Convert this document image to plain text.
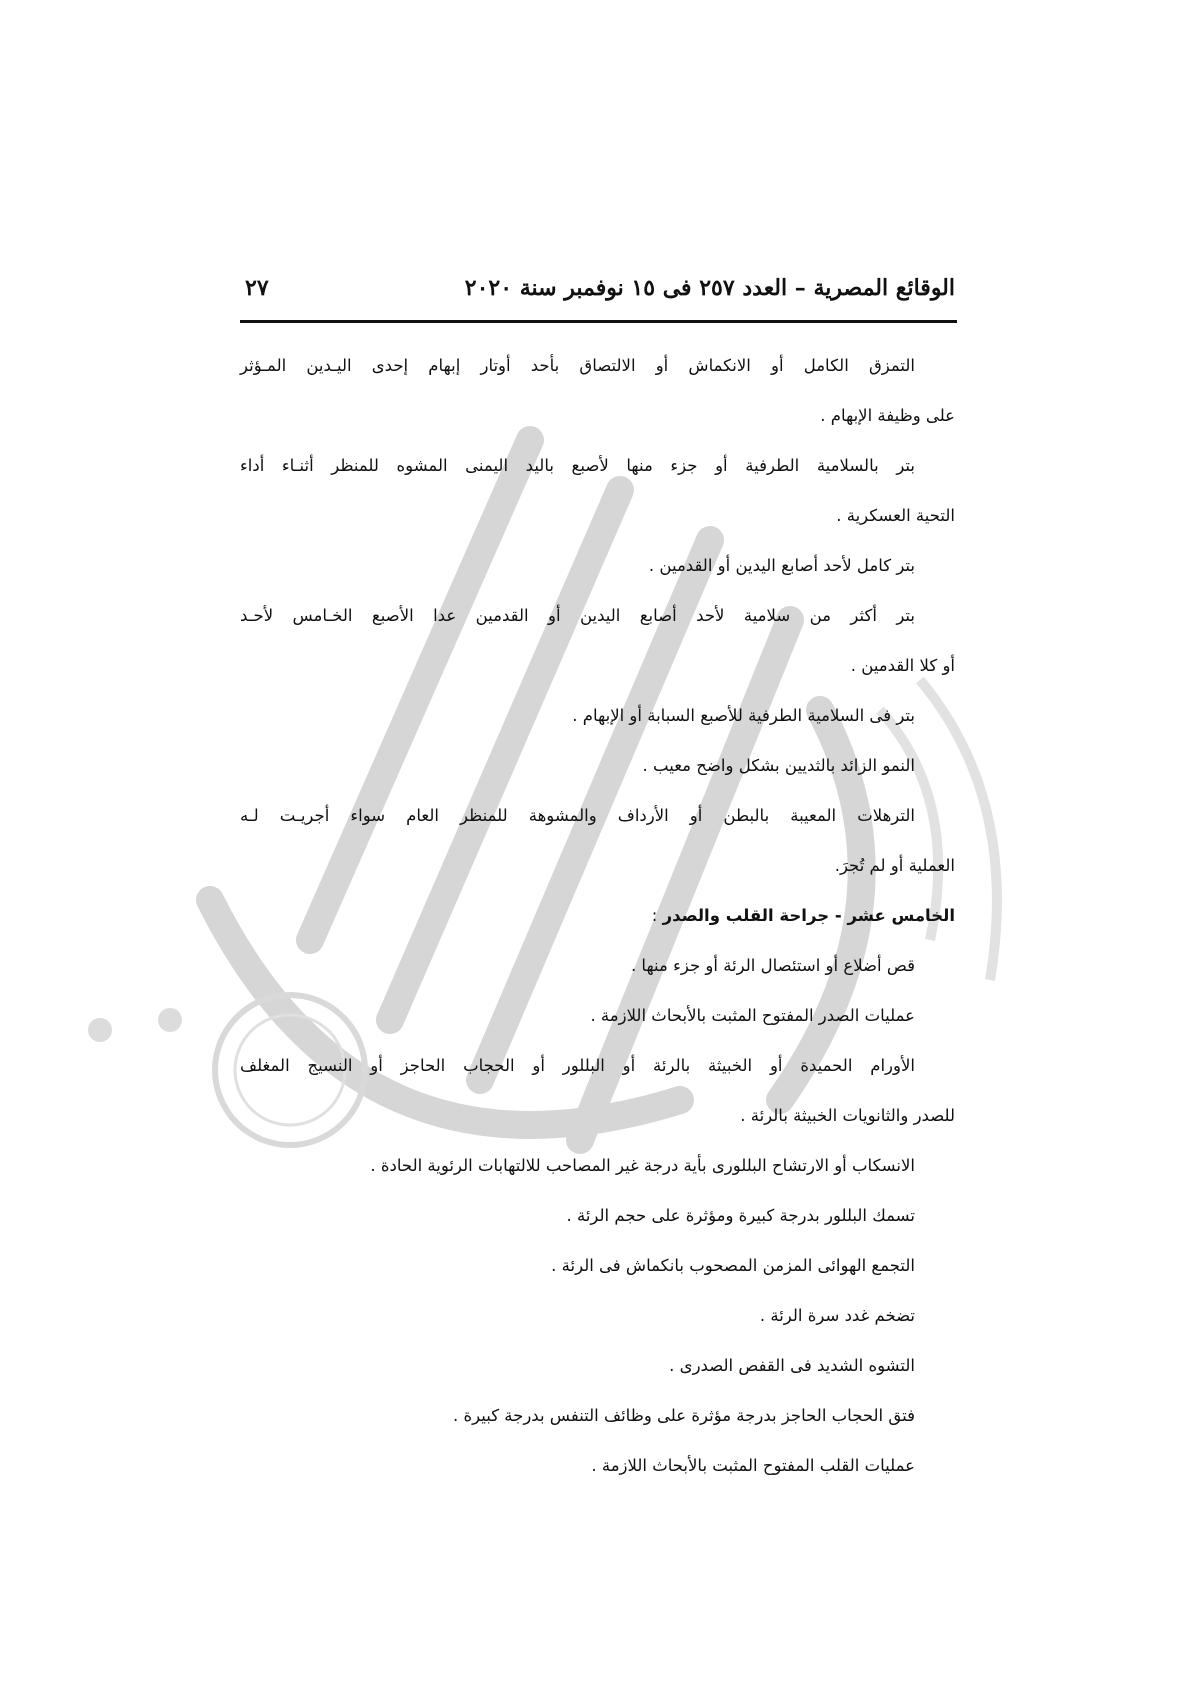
الوقائع المصرية – العدد ٢٥٧ فى ١٥ نوفمبر سنة ٢٠٢٠
٢٧
التمزق الكامل أو الانكماش أو الالتصاق بأحد أوتار إبهام إحدى اليـدين المـؤثر
على وظيفة الإبهام .
بتر بالسلامية الطرفية أو جزء منها لأصبع باليد اليمنى المشوه للمنظر أثنـاء أداء
التحية العسكرية .
بتر كامل لأحد أصابع اليدين أو القدمين .
بتر أكثر من سلامية لأحد أصابع اليدين أو القدمين عدا الأصبع الخـامس لأحـد
أو كلا القدمين .
بتر فى السلامية الطرفية للأصبع السبابة أو الإبهام .
النمو الزائد بالثديين بشكل واضح معيب .
الترهلات المعيبة بالبطن أو الأرداف والمشوهة للمنظر العام سواء أجريـت لـه
العملية أو لم تُجرَ.
الخامس عشر - جراحة القلب والصدر :
قص أضلاع أو استئصال الرئة أو جزء منها .
عمليات الصدر المفتوح المثبت بالأبحاث اللازمة .
الأورام الحميدة أو الخبيثة بالرئة أو البللور أو الحجاب الحاجز أو النسيج المغلف
للصدر والثانويات الخبيثة بالرئة .
الانسكاب أو الارتشاح البللورى بأية درجة غير المصاحب للالتهابات الرئوية الحادة .
تسمك البللور بدرجة كبيرة ومؤثرة على حجم الرئة .
التجمع الهوائى المزمن المصحوب بانكماش فى الرئة .
تضخم غدد سرة الرئة .
التشوه الشديد فى القفص الصدرى .
فتق الحجاب الحاجز بدرجة مؤثرة على وظائف التنفس بدرجة كبيرة .
عمليات القلب المفتوح المثبت بالأبحاث اللازمة .
